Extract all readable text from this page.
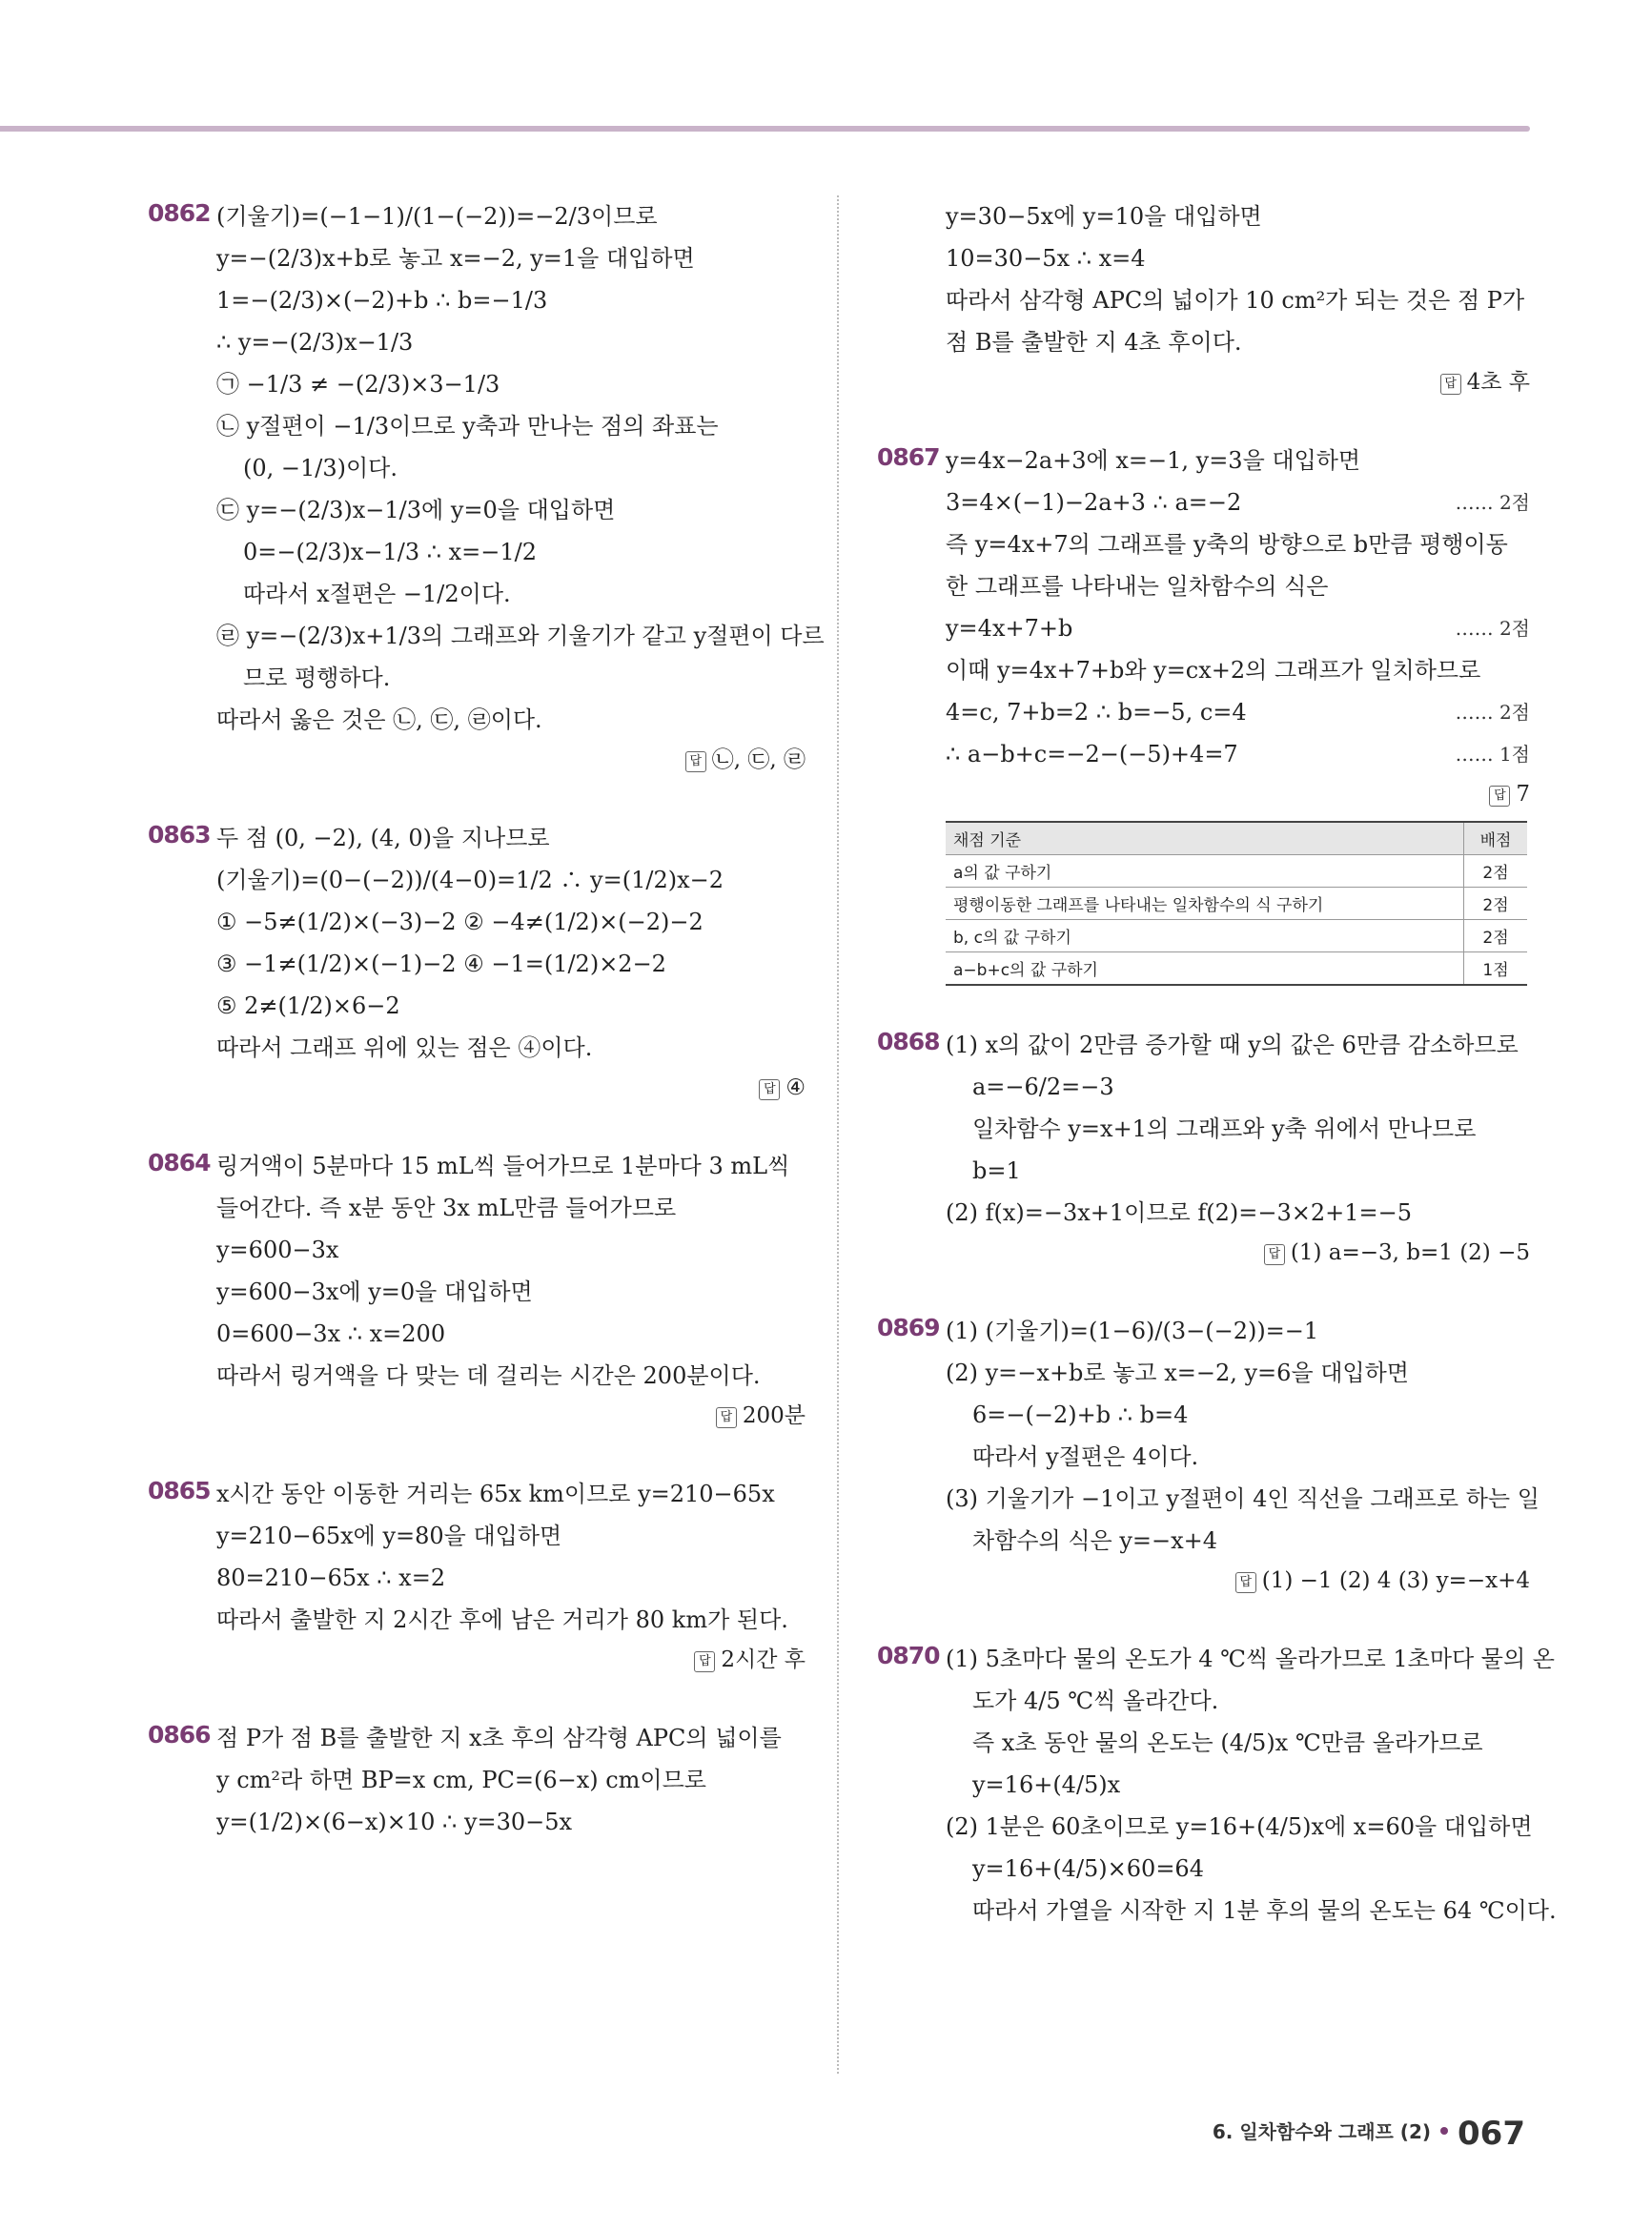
0862 (기울기)=(−1−1)/(1−(−2))=−2/3이므로
y=−(2/3)x+b로 놓고 x=−2, y=1을 대입하면
1=−(2/3)×(−2)+b ∴ b=−1/3
∴ y=−(2/3)x−1/3
㉠ −1/3 ≠ −(2/3)×3−1/3
㉡ y절편이 −1/3이므로 y축과 만나는 점의 좌표는
(0, −1/3)이다.
㉢ y=−(2/3)x−1/3에 y=0을 대입하면
0=−(2/3)x−1/3 ∴ x=−1/2
따라서 x절편은 −1/2이다.
㉣ y=−(2/3)x+1/3의 그래프와 기울기가 같고 y절편이 다르
므로 평행하다.
따라서 옳은 것은 ㉡, ㉢, ㉣이다.
답 ㉡, ㉢, ㉣
0863 두 점 (0, −2), (4, 0)을 지나므로
(기울기)=(0−(−2))/(4−0)=1/2 ∴ y=(1/2)x−2
① −5≠(1/2)×(−3)−2 ② −4≠(1/2)×(−2)−2
③ −1≠(1/2)×(−1)−2 ④ −1=(1/2)×2−2
⑤ 2≠(1/2)×6−2
따라서 그래프 위에 있는 점은 ④이다.
답 ④
0864 링거액이 5분마다 15 mL씩 들어가므로 1분마다 3 mL씩
들어간다. 즉 x분 동안 3x mL만큼 들어가므로
y=600−3x
y=600−3x에 y=0을 대입하면
0=600−3x ∴ x=200
따라서 링거액을 다 맞는 데 걸리는 시간은 200분이다.
답 200분
0865 x시간 동안 이동한 거리는 65x km이므로 y=210−65x
y=210−65x에 y=80을 대입하면
80=210−65x ∴ x=2
따라서 출발한 지 2시간 후에 남은 거리가 80 km가 된다.
답 2시간 후
0866 점 P가 점 B를 출발한 지 x초 후의 삼각형 APC의 넓이를
y cm²라 하면 BP=x cm, PC=(6−x) cm이므로
y=(1/2)×(6−x)×10 ∴ y=30−5x
y=30−5x에 y=10을 대입하면
10=30−5x ∴ x=4
따라서 삼각형 APC의 넓이가 10 cm²가 되는 것은 점 P가
점 B를 출발한 지 4초 후이다.
답 4초 후
0867 y=4x−2a+3에 x=−1, y=3을 대입하면
3=4×(−1)−2a+3 ∴ a=−2	…… 2점
즉 y=4x+7의 그래프를 y축의 방향으로 b만큼 평행이동
한 그래프를 나타내는 일차함수의 식은
y=4x+7+b	…… 2점
이때 y=4x+7+b와 y=cx+2의 그래프가 일치하므로
4=c, 7+b=2 ∴ b=−5, c=4	…… 2점
∴ a−b+c=−2−(−5)+4=7	…… 1점
답 7
채점 기준	배점
a의 값 구하기	2점
평행이동한 그래프를 나타내는 일차함수의 식 구하기	2점
b, c의 값 구하기	2점
a−b+c의 값 구하기	1점
0868 (1) x의 값이 2만큼 증가할 때 y의 값은 6만큼 감소하므로
a=−6/2=−3
일차함수 y=x+1의 그래프와 y축 위에서 만나므로
b=1
(2) f(x)=−3x+1이므로 f(2)=−3×2+1=−5
답 (1) a=−3, b=1 (2) −5
0869 (1) (기울기)=(1−6)/(3−(−2))=−1
(2) y=−x+b로 놓고 x=−2, y=6을 대입하면
6=−(−2)+b ∴ b=4
따라서 y절편은 4이다.
(3) 기울기가 −1이고 y절편이 4인 직선을 그래프로 하는 일
차함수의 식은 y=−x+4
답 (1) −1 (2) 4 (3) y=−x+4
0870 (1) 5초마다 물의 온도가 4 ℃씩 올라가므로 1초마다 물의 온
도가 4/5 ℃씩 올라간다.
즉 x초 동안 물의 온도는 (4/5)x ℃만큼 올라가므로
y=16+(4/5)x
(2) 1분은 60초이므로 y=16+(4/5)x에 x=60을 대입하면
y=16+(4/5)×60=64
따라서 가열을 시작한 지 1분 후의 물의 온도는 64 ℃이다.
6. 일차함수와 그래프 (2) 067
